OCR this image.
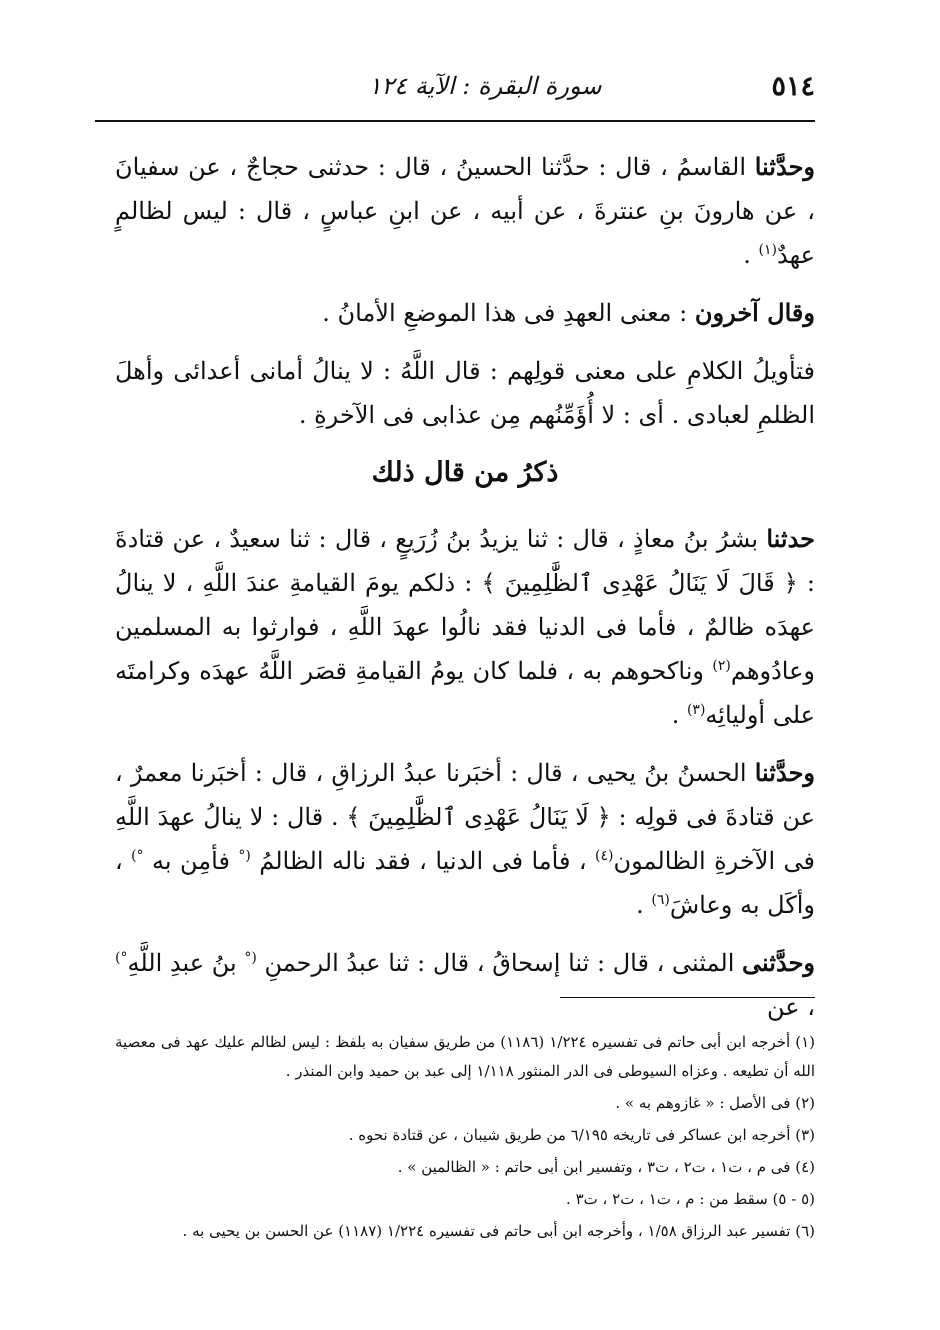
٥١٤
سورة البقرة : الآية ١٢٤

وحدَّثنا القاسمُ ، قال : حدَّثنا الحسينُ ، قال : حدثنى حجاجٌ ، عن سفيانَ ، عن هارونَ بنِ عنترةَ ، عن أبيه ، عن ابنِ عباسٍ ، قال : ليس لظالمٍ عهدٌ$^{(١)}$ .

وقال آخرون : معنى العهدِ فى هذا الموضعِ الأمانُ .

فتأويلُ الكلامِ على معنى قولِهم : قال اللَّهُ : لا ينالُ أمانى أعدائى وأهلَ الظلمِ لعبادى . أى : لا أُؤَمِّنُهم مِن عذابى فى الآخرةِ .

ذكرُ من قال ذلك

حدثنا بشرُ بنُ معاذٍ ، قال : ثنا يزيدُ بنُ زُرَيعٍ ، قال : ثنا سعيدٌ ، عن قتادةَ : ﴿ قَالَ لَا يَنَالُ عَهْدِى ٱلظَّٰلِمِينَ ﴾ : ذلكم يومَ القيامةِ عندَ اللَّهِ ، لا ينالُ عهدَه ظالمٌ ، فأما فى الدنيا فقد نالُوا عهدَ اللَّهِ ، فوارثوا به المسلمين وعادُوهم$^{(٢)}$ وناكحوهم به ، فلما كان يومُ القيامةِ قصَر اللَّهُ عهدَه وكرامتَه على أوليائِه$^{(٣)}$ .

وحدَّثنا الحسنُ بنُ يحيى ، قال : أخبَرنا عبدُ الرزاقِ ، قال : أخبَرنا معمرٌ ، عن قتادةَ فى قولِه : ﴿ لَا يَنَالُ عَهْدِى ٱلظَّٰلِمِينَ ﴾ . قال : لا ينالُ عهدَ اللَّهِ فى الآخرةِ الظالمون$^{(٤)}$ ، فأما فى الدنيا ، فقد ناله الظالمُ (° فأمِن به °) ، وأكَل به وعاشَ$^{(٦)}$ .

وحدَّثنى المثنى ، قال : ثنا إسحاقُ ، قال : ثنا عبدُ الرحمنِ (° بنُ عبدِ اللَّهِ°) ، عن

(١) أخرجه ابن أبى حاتم فى تفسيره ١/٢٢٤ (١١٨٦) من طريق سفيان به بلفظ : ليس لظالم عليك عهد فى معصية الله أن تطيعه . وعزاه السيوطى فى الدر المنثور ١/١١٨ إلى عبد بن حميد وابن المنذر .

(٢) فى الأصل : « غازوهم به » .

(٣) أخرجه ابن عساكر فى تاريخه ٦/١٩٥ من طريق شيبان ، عن قتادة نحوه .

(٤) فى م ، ت١ ، ت٢ ، ت٣ ، وتفسير ابن أبى حاتم : « الظالمين » .

(٥ - ٥) سقط من : م ، ت١ ، ت٢ ، ت٣ .

(٦) تفسير عبد الرزاق ١/٥٨ ، وأخرجه ابن أبى حاتم فى تفسيره ١/٢٢٤ (١١٨٧) عن الحسن بن يحيى به .
